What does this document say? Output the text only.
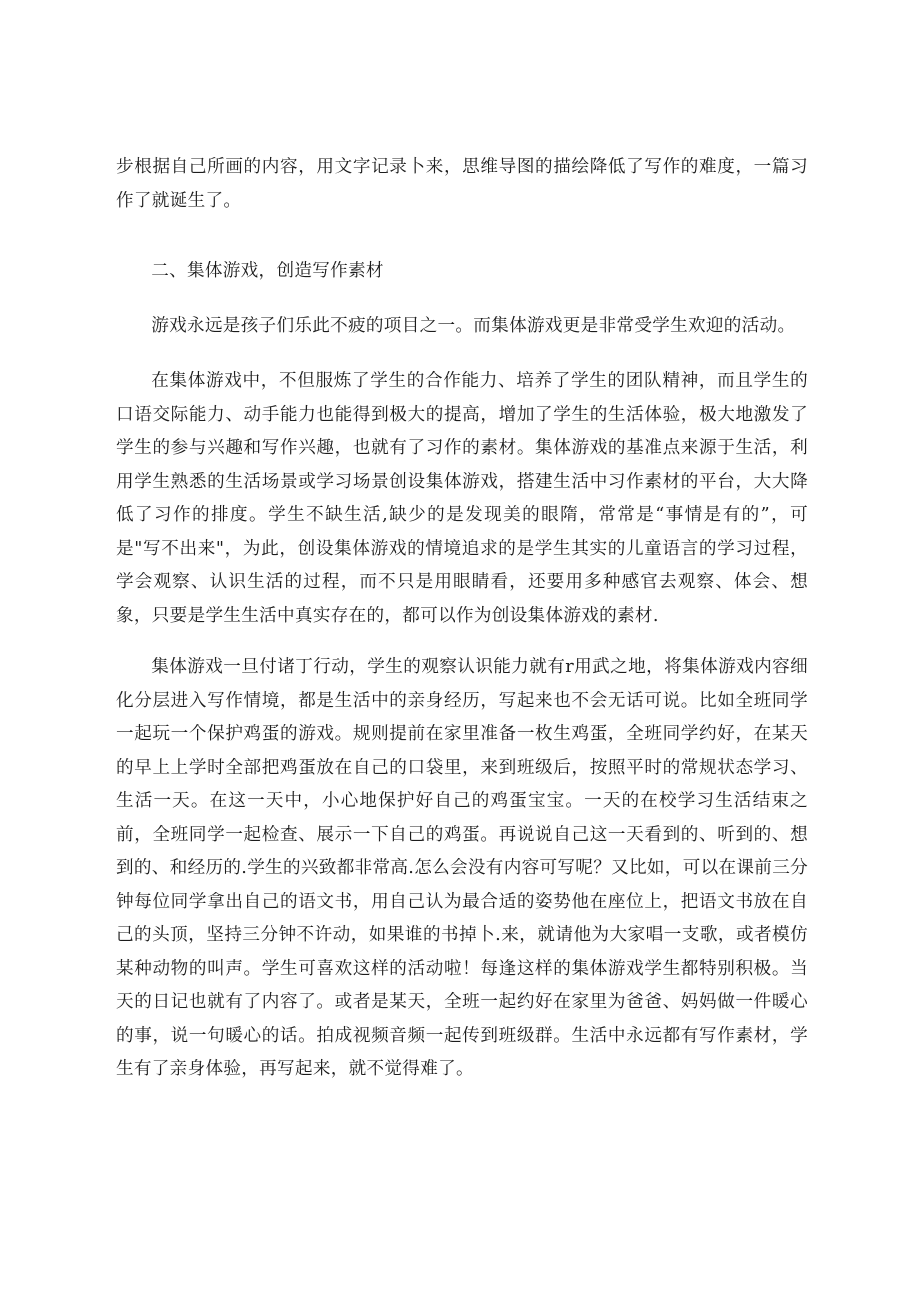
步根据自己所画的内容，用文字记录卜来，思维导图的描绘降低了写作的难度，一篇习作了就诞生了。

二、集体游戏，创造写作素材

游戏永远是孩子们乐此不疲的项目之一。而集体游戏更是非常受学生欢迎的活动。

在集体游戏中，不但服炼了学生的合作能力、培养了学生的团队精神，而且学生的口语交际能力、动手能力也能得到极大的提高，增加了学生的生活体验，极大地激发了学生的参与兴趣和写作兴趣，也就有了习作的素材。集体游戏的基准点来源于生活，利用学生熟悉的生活场景或学习场景创设集体游戏，搭建生活中习作素材的平台，大大降低了习作的排度。学生不缺生活,缺少的是发现美的眼隋，常常是“事情是有的”，可是"写不出来"，为此，创设集体游戏的情境追求的是学生其实的儿童语言的学习过程，学会观察、认识生活的过程，而不只是用眼睛看，还要用多种感官去观察、体会、想象，只要是学生生活中真实存在的，都可以作为创设集体游戏的素材.

集体游戏一旦付诸丁行动，学生的观察认识能力就有r用武之地，将集体游戏内容细化分层进入写作情境，都是生活中的亲身经历，写起来也不会无话可说。比如全班同学一起玩一个保护鸡蛋的游戏。规则提前在家里准备一枚生鸡蛋，全班同学约好，在某天的早上上学时全部把鸡蛋放在自己的口袋里，来到班级后，按照平时的常规状态学习、生活一天。在这一天中，小心地保护好自己的鸡蛋宝宝。一天的在校学习生活结束之前，全班同学一起检查、展示一下自己的鸡蛋。再说说自己这一天看到的、听到的、想到的、和经历的.学生的兴致都非常高.怎么会没有内容可写呢？又比如，可以在课前三分钟每位同学拿出自己的语文书，用自己认为最合适的姿势他在座位上，把语文书放在自己的头顶，坚持三分钟不许动，如果谁的书掉卜.来，就请他为大家唱一支歌，或者模仿某种动物的叫声。学生可喜欢这样的活动啦！每逢这样的集体游戏学生都特别积极。当天的日记也就有了内容了。或者是某天，全班一起约好在家里为爸爸、妈妈做一件暖心的事，说一句暖心的话。拍成视频音频一起传到班级群。生活中永远都有写作素材，学生有了亲身体验，再写起来，就不觉得难了。
